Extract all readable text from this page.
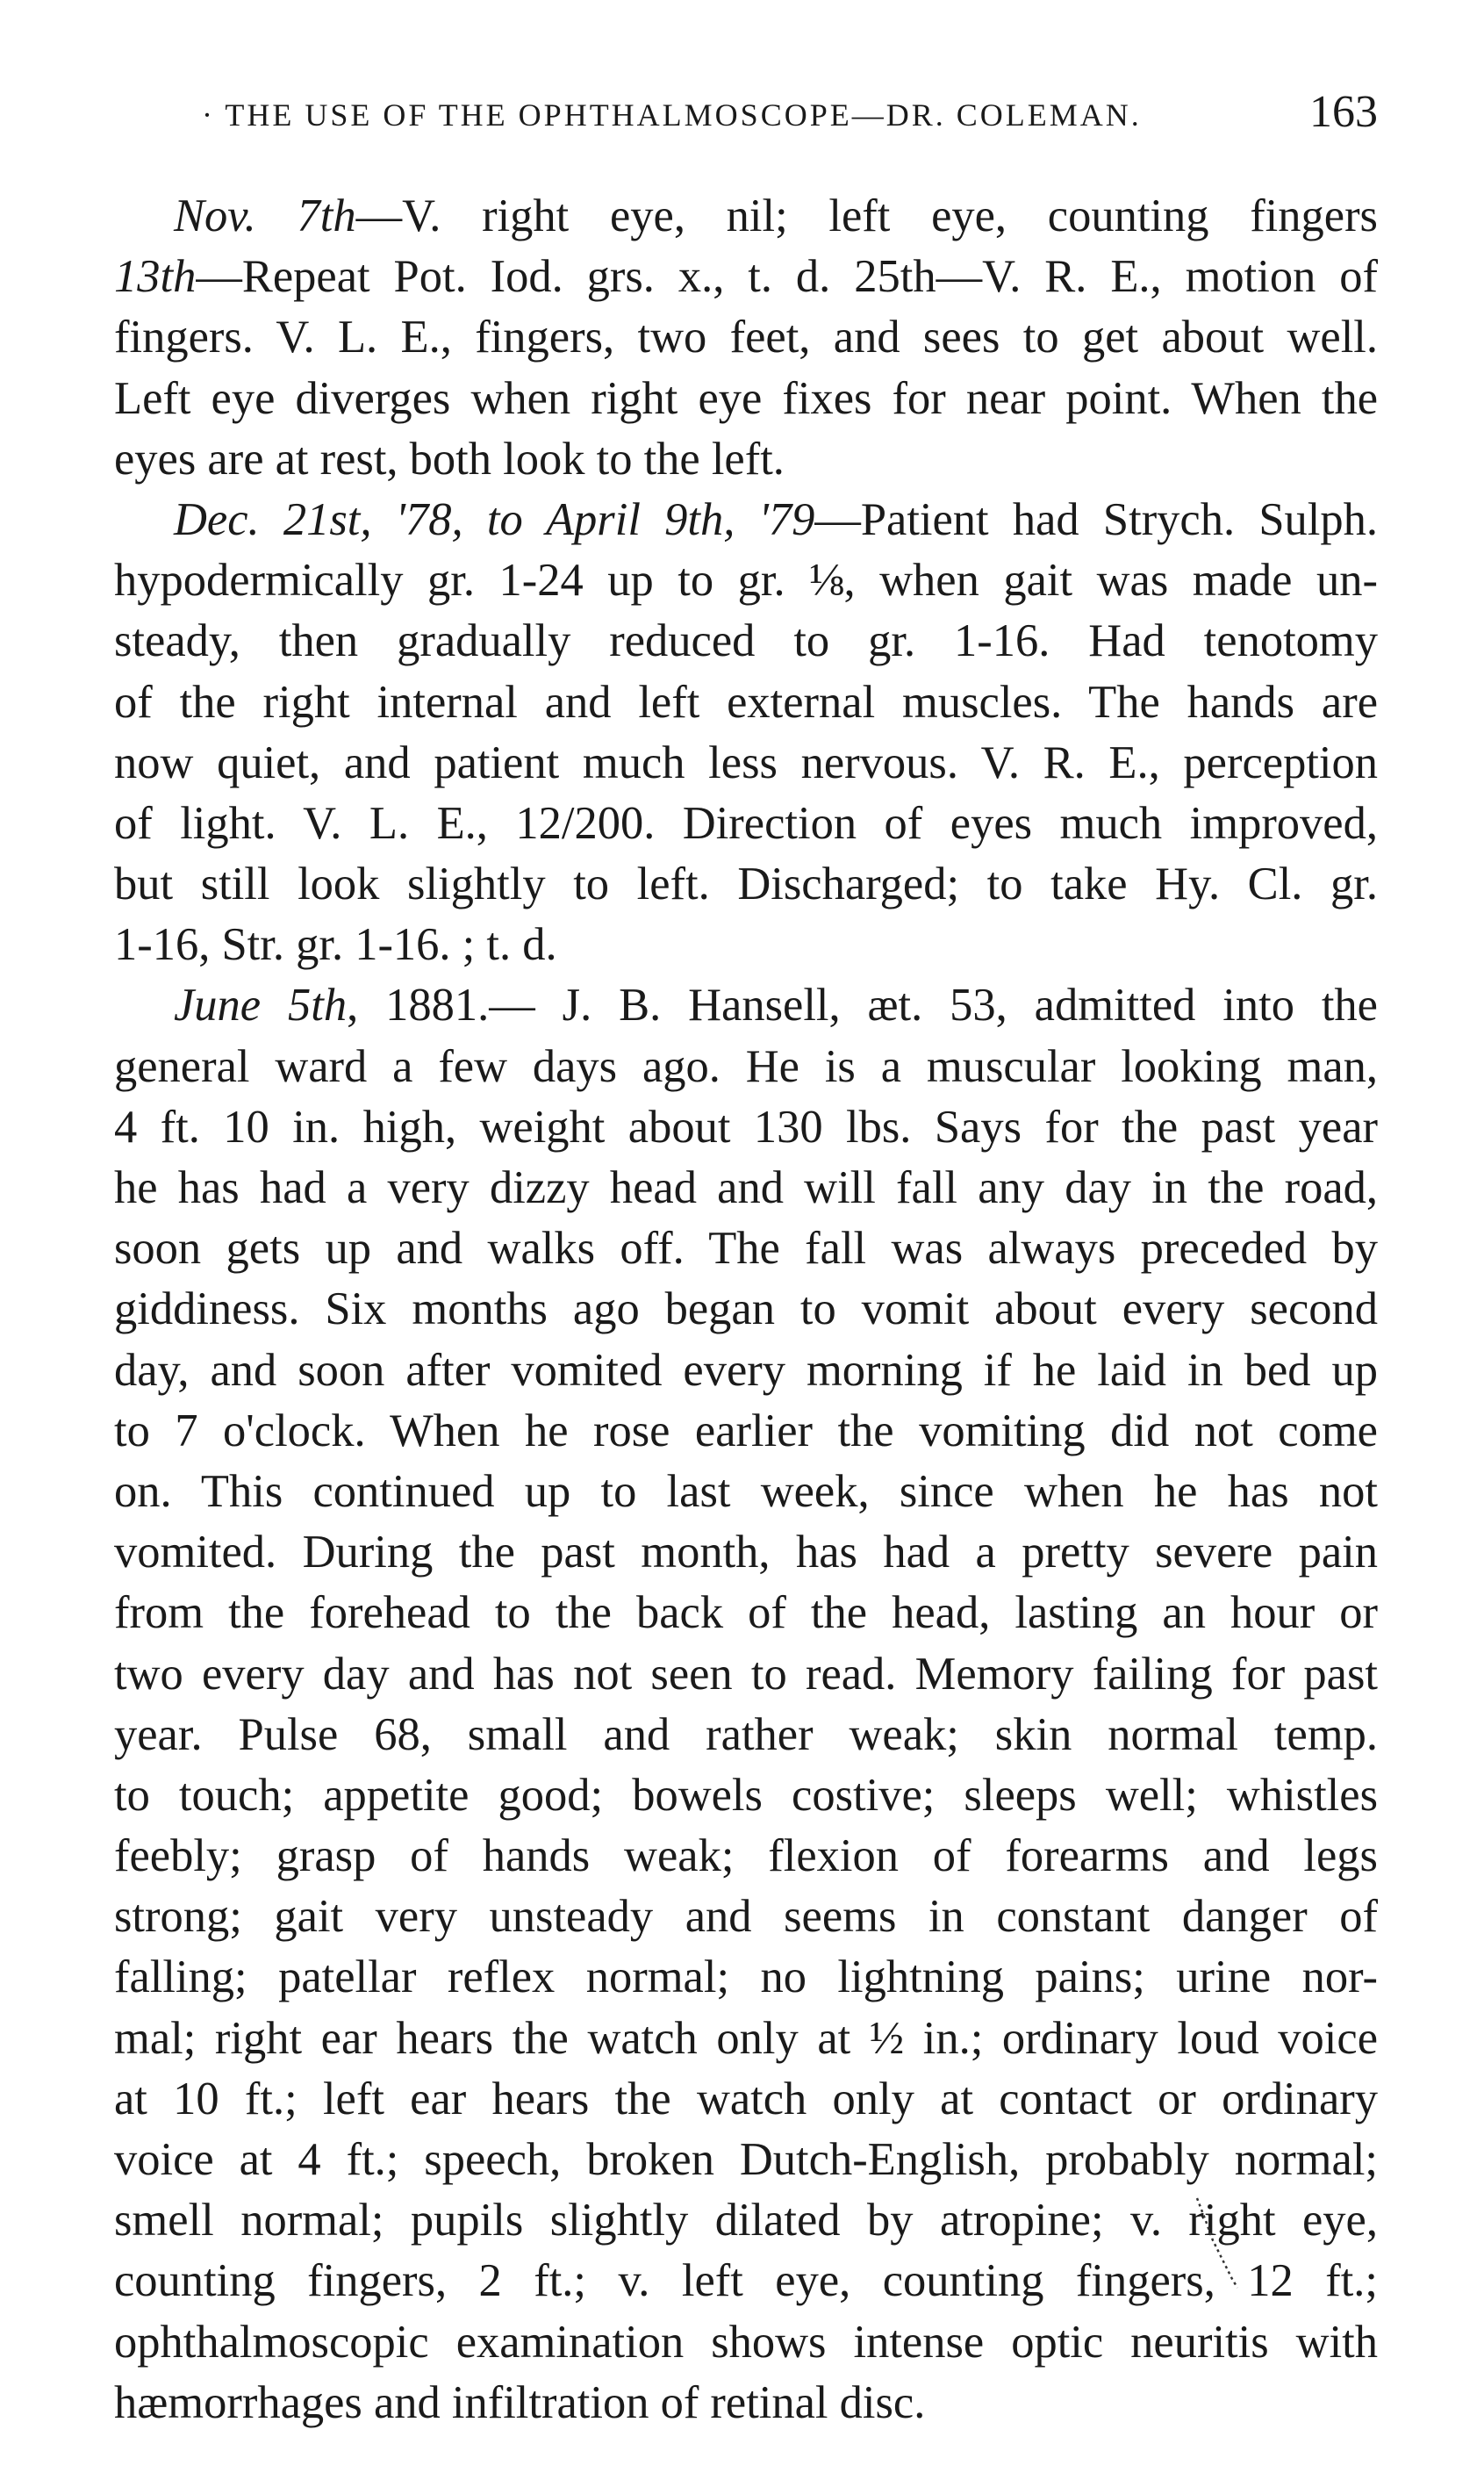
· THE USE OF THE OPHTHALMOSCOPE—DR. COLEMAN.	163
Nov. 7th—V. right eye, nil; left eye, counting fingers
13th—Repeat Pot. Iod. grs. x., t. d. 25th—V. R. E., motion of
fingers. V. L. E., fingers, two feet, and sees to get about well.
Left eye diverges when right eye fixes for near point. When the
eyes are at rest, both look to the left.
Dec. 21st, '78, to April 9th, '79—Patient had Strych. Sulph.
hypodermically gr. 1-24 up to gr. ⅛, when gait was made un-
steady, then gradually reduced to gr. 1-16. Had tenotomy
of the right internal and left external muscles. The hands are
now quiet, and patient much less nervous. V. R. E., perception
of light. V. L. E., 12/200. Direction of eyes much improved,
but still look slightly to left. Discharged; to take Hy. Cl. gr.
1-16, Str. gr. 1-16. ; t. d.
June 5th, 1881.— J. B. Hansell, æt. 53, admitted into the
general ward a few days ago. He is a muscular looking man,
4 ft. 10 in. high, weight about 130 lbs. Says for the past year
he has had a very dizzy head and will fall any day in the road,
soon gets up and walks off. The fall was always preceded by
giddiness. Six months ago began to vomit about every second
day, and soon after vomited every morning if he laid in bed up
to 7 o'clock. When he rose earlier the vomiting did not come
on. This continued up to last week, since when he has not
vomited. During the past month, has had a pretty severe pain
from the forehead to the back of the head, lasting an hour or
two every day and has not seen to read. Memory failing for past
year. Pulse 68, small and rather weak; skin normal temp.
to touch; appetite good; bowels costive; sleeps well; whistles
feebly; grasp of hands weak; flexion of forearms and legs
strong; gait very unsteady and seems in constant danger of
falling; patellar reflex normal; no lightning pains; urine nor-
mal; right ear hears the watch only at ½ in.; ordinary loud voice
at 10 ft.; left ear hears the watch only at contact or ordinary
voice at 4 ft.; speech, broken Dutch-English, probably normal;
smell normal; pupils slightly dilated by atropine; v. right eye,
counting fingers, 2 ft.; v. left eye, counting fingers, 12 ft.;
ophthalmoscopic examination shows intense optic neuritis with
hæmorrhages and infiltration of retinal disc.
